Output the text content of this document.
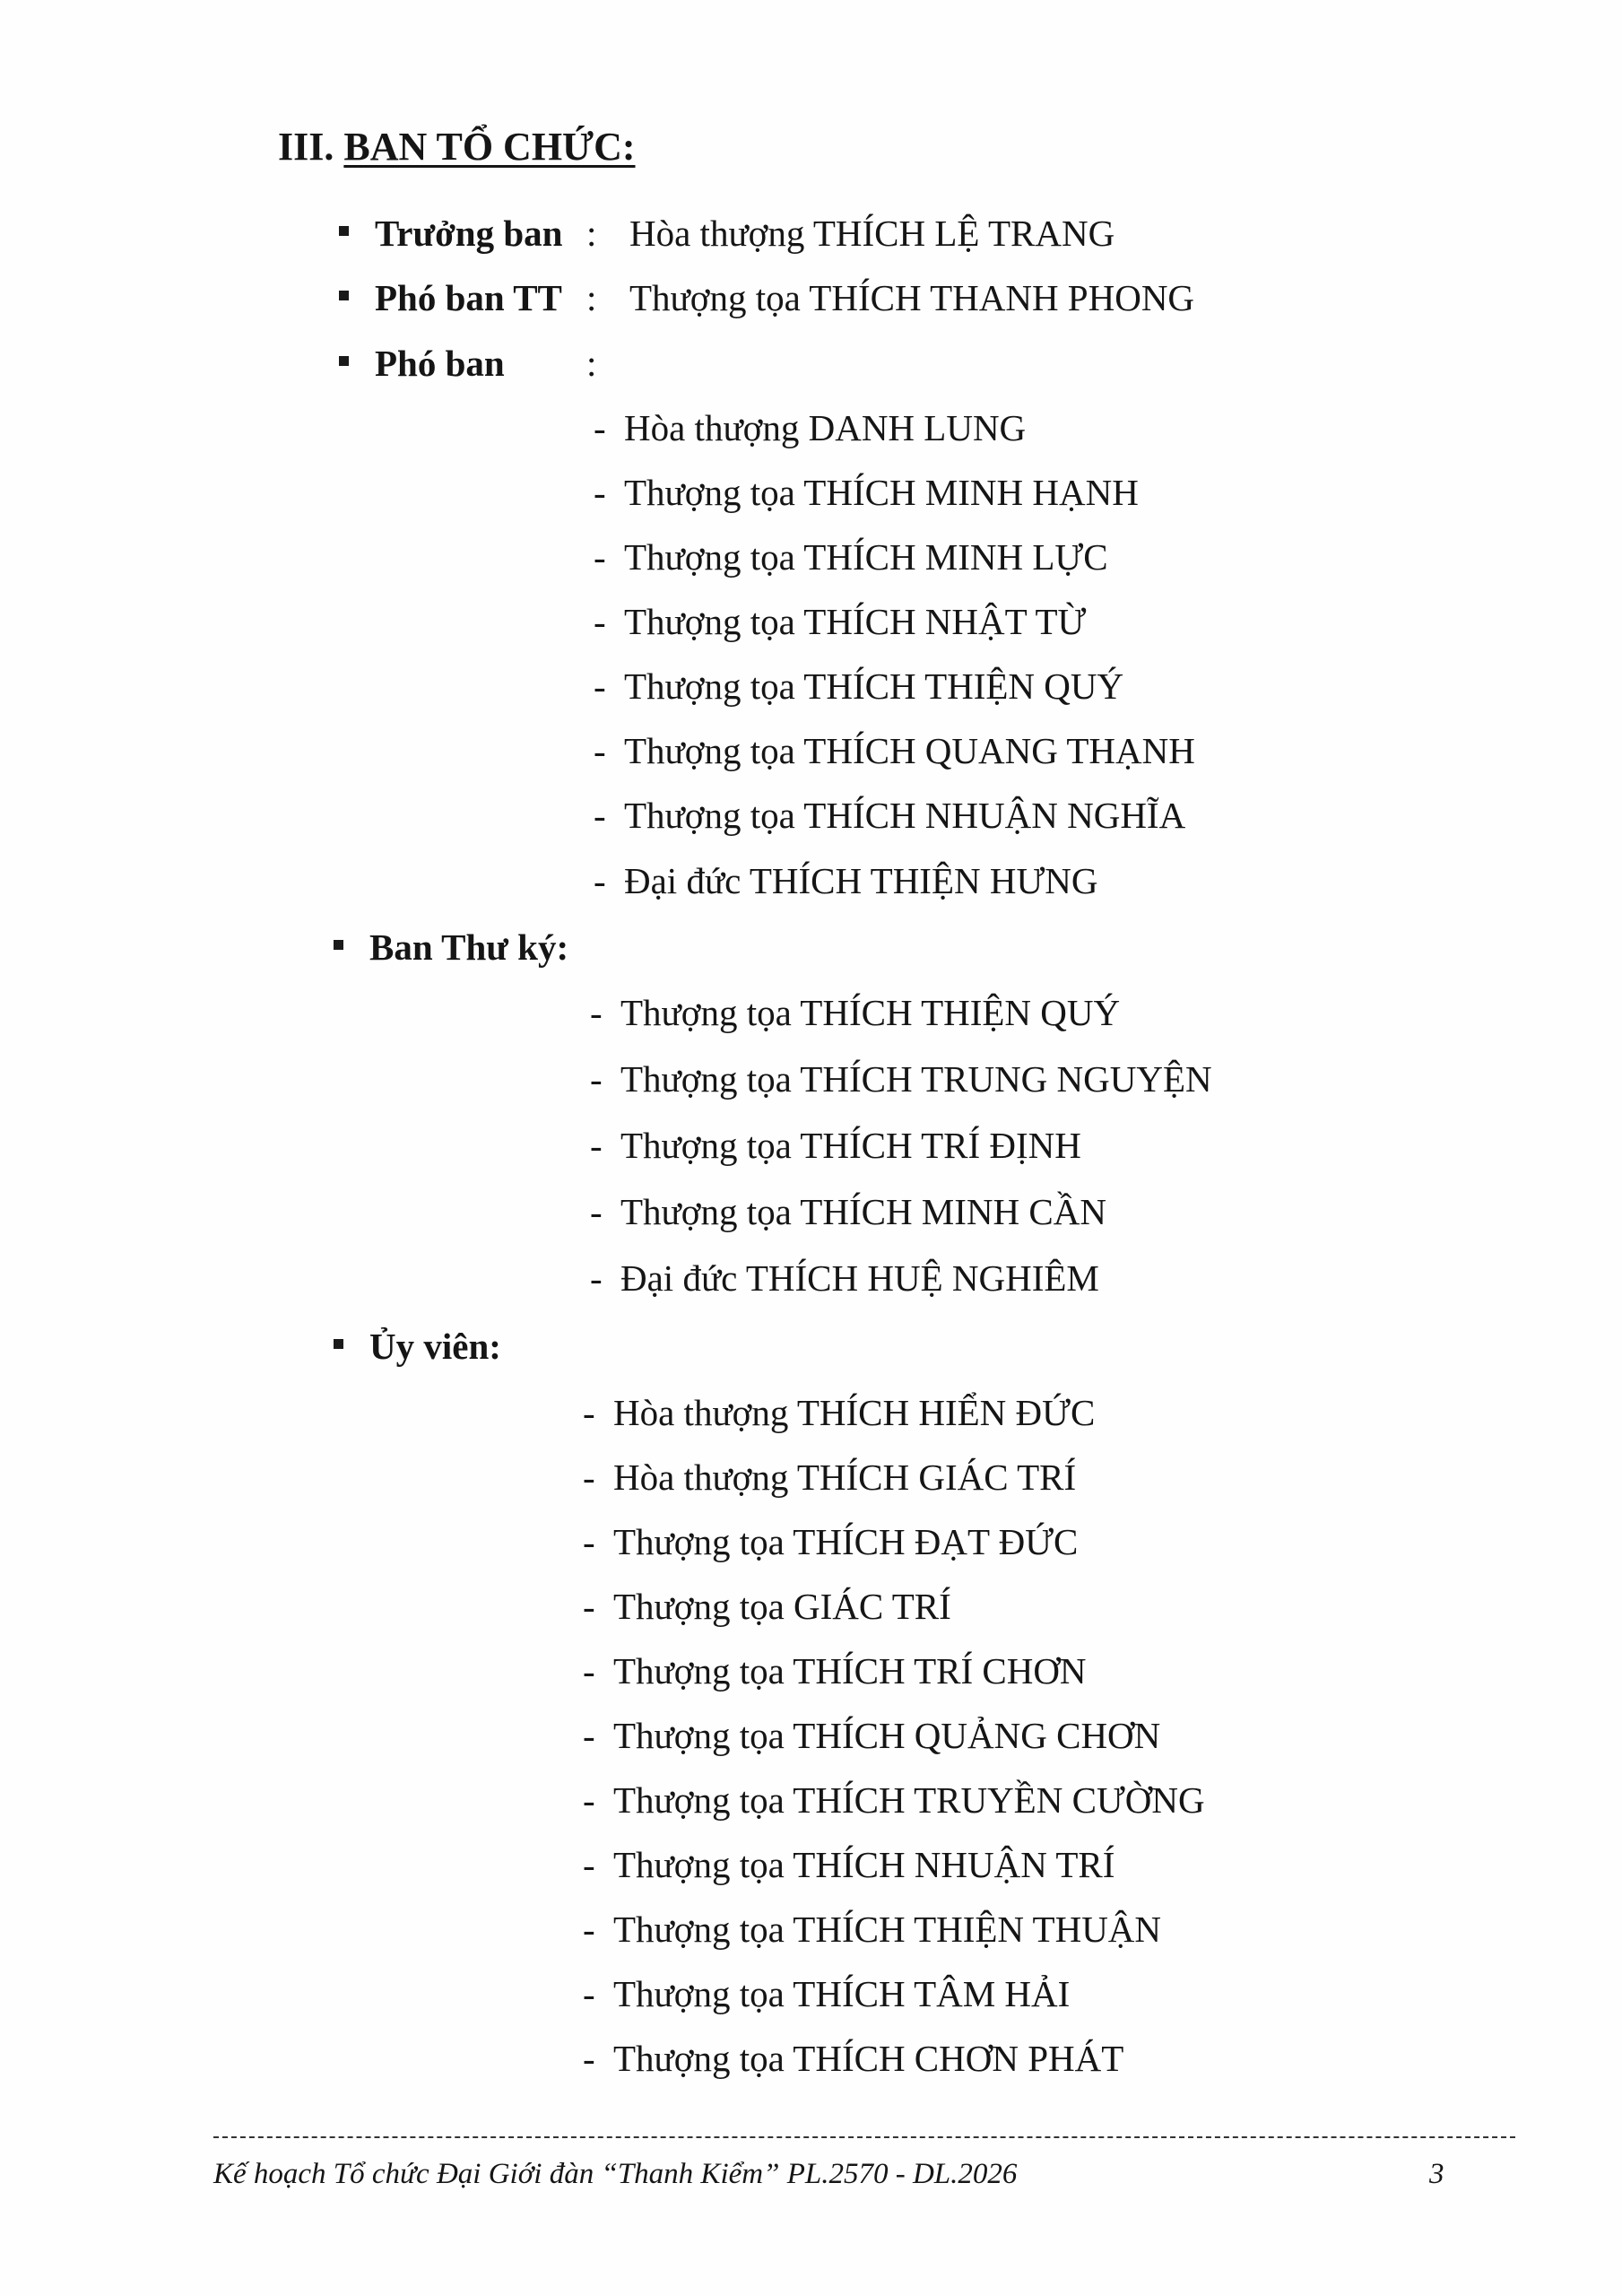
III. BAN TỔ CHỨC:
Trưởng ban : Hòa thượng THÍCH LỆ TRANG
Phó ban TT : Thượng tọa THÍCH THANH PHONG
Phó ban :
- Hòa thượng DANH LUNG
- Thượng tọa THÍCH MINH HẠNH
- Thượng tọa THÍCH MINH LỰC
- Thượng tọa THÍCH NHẬT TỪ
- Thượng tọa THÍCH THIỆN QUÝ
- Thượng tọa THÍCH QUANG THẠNH
- Thượng tọa THÍCH NHUẬN NGHĨA
- Đại đức THÍCH THIỆN HƯNG
Ban Thư ký:
- Thượng tọa THÍCH THIỆN QUÝ
- Thượng tọa THÍCH TRUNG NGUYỆN
- Thượng tọa THÍCH TRÍ ĐỊNH
- Thượng tọa THÍCH MINH CẦN
- Đại đức THÍCH HUỆ NGHIÊM
Ủy viên:
- Hòa thượng THÍCH HIỂN ĐỨC
- Hòa thượng THÍCH GIÁC TRÍ
- Thượng tọa THÍCH ĐẠT ĐỨC
- Thượng tọa GIÁC TRÍ
- Thượng tọa THÍCH TRÍ CHƠN
- Thượng tọa THÍCH QUẢNG CHƠN
- Thượng tọa THÍCH TRUYỀN CƯỜNG
- Thượng tọa THÍCH NHUẬN TRÍ
- Thượng tọa THÍCH THIỆN THUẬN
- Thượng tọa THÍCH TÂM HẢI
- Thượng tọa THÍCH CHƠN PHÁT
Kế hoạch Tổ chức Đại Giới đàn “Thanh Kiểm” PL.2570 - DL.2026	3
